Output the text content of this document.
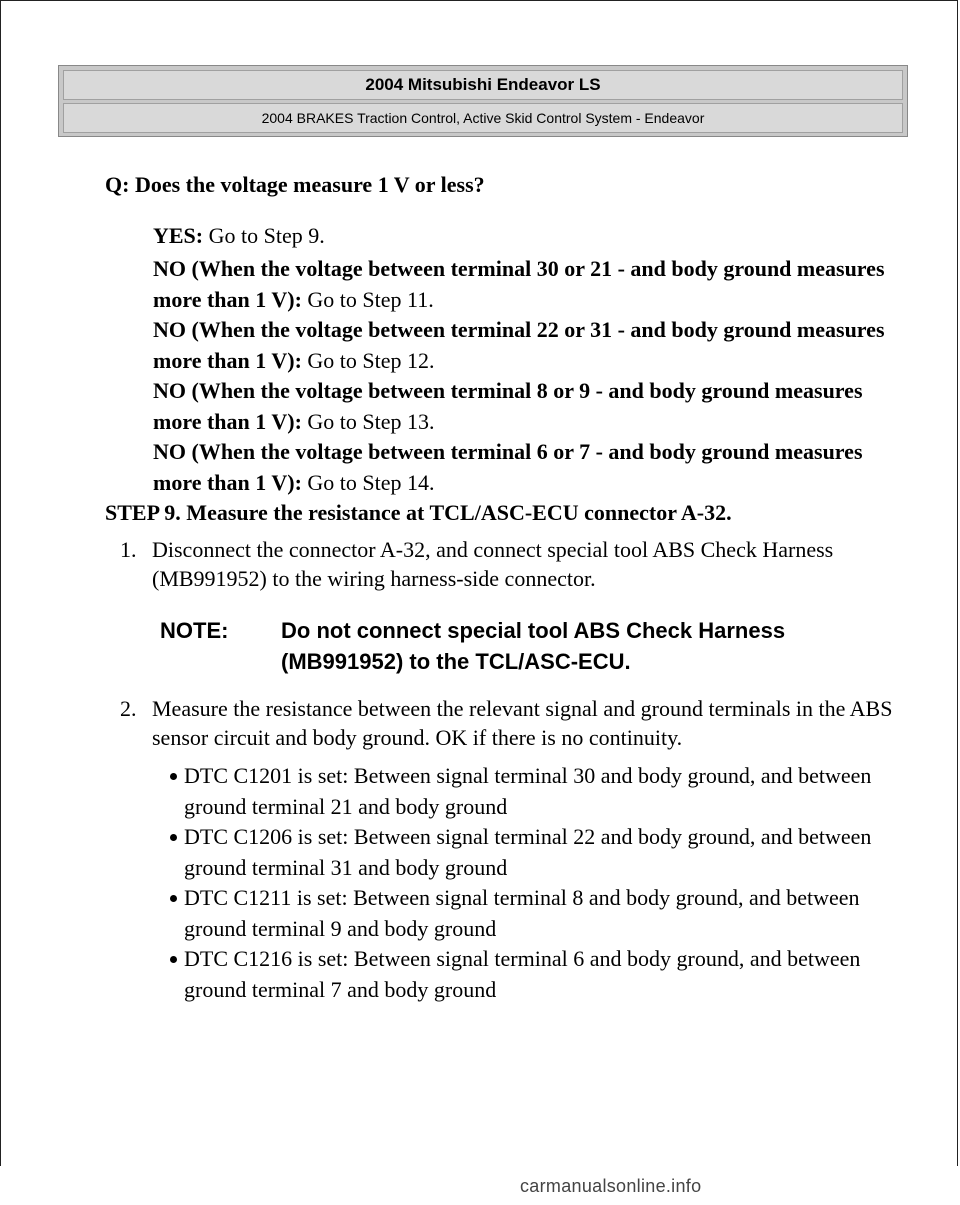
2004 Mitsubishi Endeavor LS
2004 BRAKES Traction Control, Active Skid Control System - Endeavor
Q: Does the voltage measure 1 V or less?
YES: Go to Step 9.
NO (When the voltage between terminal 30 or 21 - and body ground measures more than 1 V): Go to Step 11.
NO (When the voltage between terminal 22 or 31 - and body ground measures more than 1 V): Go to Step 12.
NO (When the voltage between terminal 8 or 9 - and body ground measures more than 1 V): Go to Step 13.
NO (When the voltage between terminal 6 or 7 - and body ground measures more than 1 V): Go to Step 14.
STEP 9. Measure the resistance at TCL/ASC-ECU connector A-32.
1. Disconnect the connector A-32, and connect special tool ABS Check Harness (MB991952) to the wiring harness-side connector.
NOTE: Do not connect special tool ABS Check Harness (MB991952) to the TCL/ASC-ECU.
2. Measure the resistance between the relevant signal and ground terminals in the ABS sensor circuit and body ground. OK if there is no continuity.
DTC C1201 is set: Between signal terminal 30 and body ground, and between ground terminal 21 and body ground
DTC C1206 is set: Between signal terminal 22 and body ground, and between ground terminal 31 and body ground
DTC C1211 is set: Between signal terminal 8 and body ground, and between ground terminal 9 and body ground
DTC C1216 is set: Between signal terminal 6 and body ground, and between ground terminal 7 and body ground
carmanualsonline.info
